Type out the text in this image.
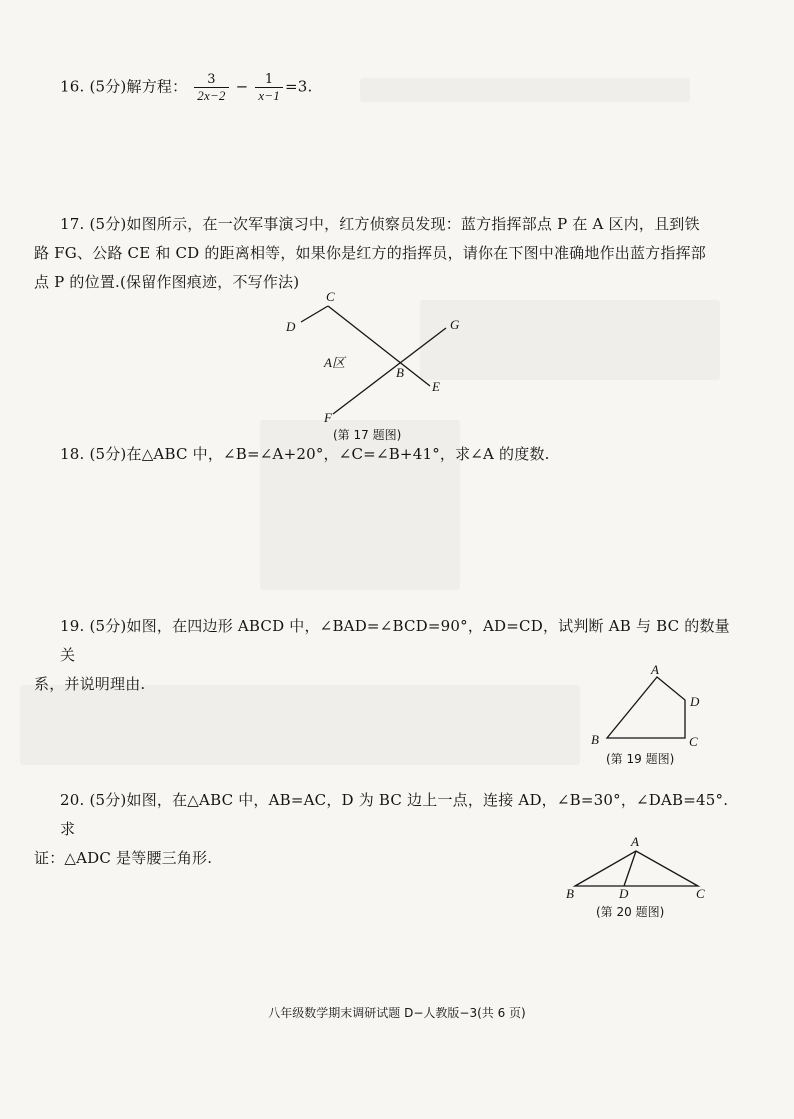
16. (5分)解方程： $\frac{3}{2x-2} - \frac{1}{x-1} =3$.

17. (5分)如图所示，在一次军事演习中，红方侦察员发现：蓝方指挥部点 P 在 A 区内，且到铁

路 FG、公路 CE 和 CD 的距离相等，如果你是红方的指挥员，请你在下图中准确地作出蓝方指挥部

点 P 的位置.(保留作图痕迹，不写作法)

C
D	G
B
E
F
A区
(第 17 题图)

18. (5分)在△ABC 中，∠B=∠A+20°，∠C=∠B+41°，求∠A 的度数.

19. (5分)如图，在四边形 ABCD 中，∠BAD=∠BCD=90°，AD=CD，试判断 AB 与 BC 的数量关

系，并说明理由.

A
D
C
B
(第 19 题图)

20. (5分)如图，在△ABC 中，AB=AC，D 为 BC 边上一点，连接 AD，∠B=30°，∠DAB=45°. 求

证：△ADC 是等腰三角形.

A
B	D	C
(第 20 题图)
八年级数学期末调研试题 D−人教版−3(共 6 页)
